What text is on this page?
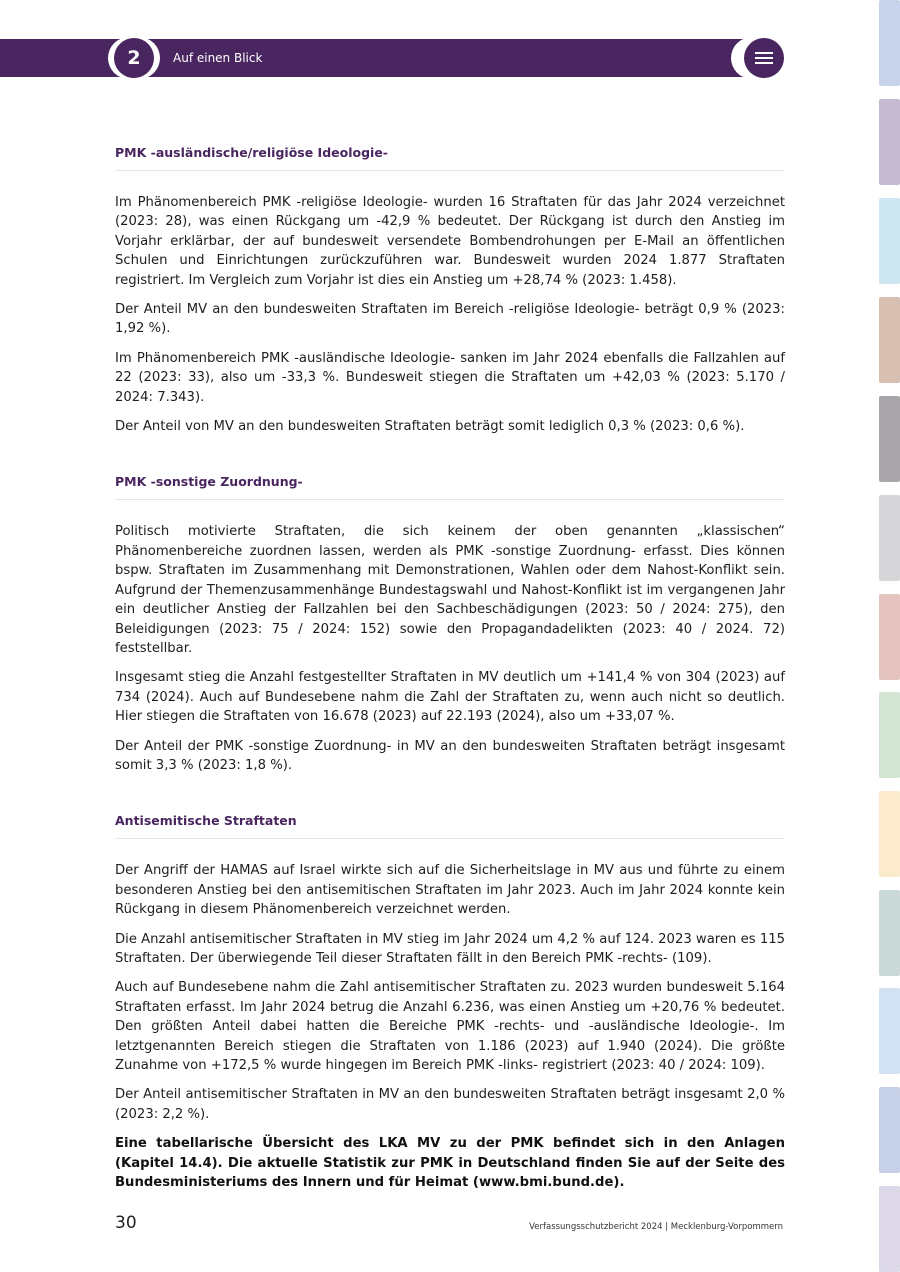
2	Auf einen Blick
PMK -ausländische/religiöse Ideologie-

Im Phänomenbereich PMK -religiöse Ideologie- wurden 16 Straftaten für das Jahr 2024 verzeichnet (2023: 28), was einen Rückgang um -42,9 % bedeutet. Der Rückgang ist durch den Anstieg im Vorjahr erklärbar, der auf bundesweit versendete Bombendrohungen per E-Mail an öffentlichen Schulen und Einrichtungen zurückzuführen war. Bundesweit wurden 2024 1.877 Straftaten registriert. Im Vergleich zum Vorjahr ist dies ein Anstieg um +28,74 % (2023: 1.458).

Der Anteil MV an den bundesweiten Straftaten im Bereich -religiöse Ideologie- beträgt 0,9 % (2023: 1,92 %).

Im Phänomenbereich PMK -ausländische Ideologie- sanken im Jahr 2024 ebenfalls die Fallzahlen auf 22 (2023: 33), also um -33,3 %. Bundesweit stiegen die Straftaten um +42,03 % (2023: 5.170 / 2024: 7.343).

Der Anteil von MV an den bundesweiten Straftaten beträgt somit lediglich 0,3 % (2023: 0,6 %).

PMK -sonstige Zuordnung-

Politisch motivierte Straftaten, die sich keinem der oben genannten „klassischen“ Phänomenbereiche zuordnen lassen, werden als PMK -sonstige Zuordnung- erfasst. Dies können bspw. Straftaten im Zusammenhang mit Demonstrationen, Wahlen oder dem Nahost-Konflikt sein. Aufgrund der Themenzusammenhänge Bundestagswahl und Nahost-Konflikt ist im vergangenen Jahr ein deutlicher Anstieg der Fallzahlen bei den Sachbeschädigungen (2023: 50 / 2024: 275), den Beleidigungen (2023: 75 / 2024: 152) sowie den Propagandadelikten (2023: 40 / 2024. 72) feststellbar.

Insgesamt stieg die Anzahl festgestellter Straftaten in MV deutlich um +141,4 % von 304 (2023) auf 734 (2024). Auch auf Bundesebene nahm die Zahl der Straftaten zu, wenn auch nicht so deutlich. Hier stiegen die Straftaten von 16.678 (2023) auf 22.193 (2024), also um +33,07 %.

Der Anteil der PMK -sonstige Zuordnung- in MV an den bundesweiten Straftaten beträgt insgesamt somit 3,3 % (2023: 1,8 %).

Antisemitische Straftaten

Der Angriff der HAMAS auf Israel wirkte sich auf die Sicherheitslage in MV aus und führte zu einem besonderen Anstieg bei den antisemitischen Straftaten im Jahr 2023. Auch im Jahr 2024 konnte kein Rückgang in diesem Phänomenbereich verzeichnet werden.

Die Anzahl antisemitischer Straftaten in MV stieg im Jahr 2024 um 4,2 % auf 124. 2023 waren es 115 Straftaten. Der überwiegende Teil dieser Straftaten fällt in den Bereich PMK -rechts- (109).

Auch auf Bundesebene nahm die Zahl antisemitischer Straftaten zu. 2023 wurden bundesweit 5.164 Straftaten erfasst. Im Jahr 2024 betrug die Anzahl 6.236, was einen Anstieg um +20,76 % bedeutet. Den größten Anteil dabei hatten die Bereiche PMK -rechts- und -ausländische Ideologie-. Im letztgenannten Bereich stiegen die Straftaten von 1.186 (2023) auf 1.940 (2024). Die größte Zunahme von +172,5 % wurde hingegen im Bereich PMK -links- registriert (2023: 40 / 2024: 109).

Der Anteil antisemitischer Straftaten in MV an den bundesweiten Straftaten beträgt insgesamt 2,0 % (2023: 2,2 %).

Eine tabellarische Übersicht des LKA MV zu der PMK befindet sich in den Anlagen (Kapitel 14.4). Die aktuelle Statistik zur PMK in Deutschland finden Sie auf der Seite des Bundesministeriums des Innern und für Heimat (www.bmi.bund.de).

30	Verfassungsschutzbericht 2024 | Mecklenburg-Vorpommern
